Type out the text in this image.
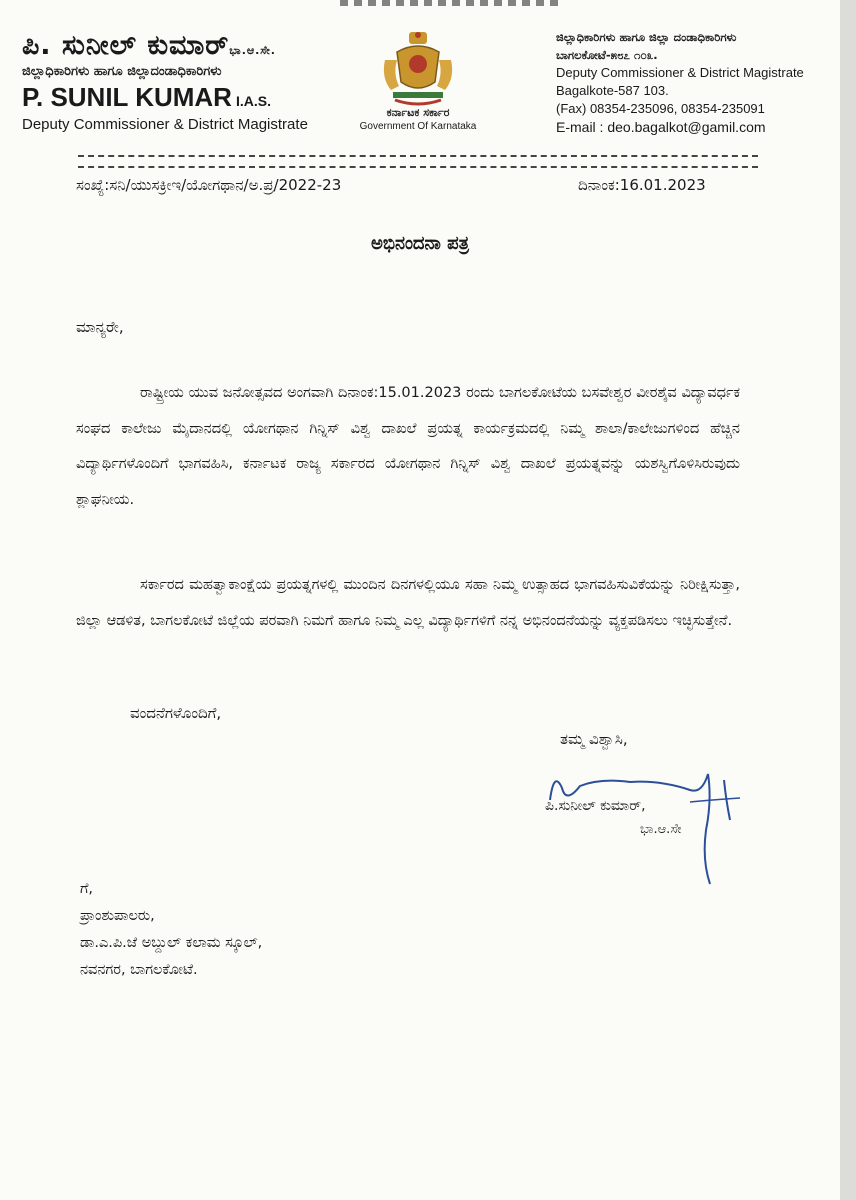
ಪಿ. ಸುನೀಲ್ ಕುಮಾರ್ಭಾ.ಆ.ಸೇ.
ಜಿಲ್ಲಾಧಿಕಾರಿಗಳು ಹಾಗೂ ಜಿಲ್ಲಾದಂಡಾಧಿಕಾರಿಗಳು
P. SUNIL KUMAR I.A.S.
Deputy Commissioner & District Magistrate
ಕರ್ನಾಟಕ ಸರ್ಕಾರ
Government Of Karnataka
ಜಿಲ್ಲಾಧಿಕಾರಿಗಳು ಹಾಗೂ ಜಿಲ್ಲಾ ದಂಡಾಧಿಕಾರಿಗಳು
ಬಾಗಲಕೋಟೆ-೫೮೭ ೧೦೩.
Deputy Commissioner & District Magistrate
Bagalkote-587 103.
(Fax) 08354-235096, 08354-235091
E-mail : deo.bagalkot@gamil.com
ಸಂಖ್ಯೆ:ಸನಿ/ಯುಸಕ್ರೀಇ/ಯೋಗಥಾನ/ಅ.ಪ್ರ/2022-23	ದಿನಾಂಕ:16.01.2023
ಅಭಿನಂದನಾ ಪತ್ರ
ಮಾನ್ಯರೇ,
ರಾಷ್ಟ್ರೀಯ ಯುವ ಜನೋತ್ಸವದ ಅಂಗವಾಗಿ ದಿನಾಂಕ:15.01.2023 ರಂದು ಬಾಗಲಕೋಟೆಯ ಬಸವೇಶ್ವರ ವೀರಶೈವ ವಿದ್ಯಾವರ್ಧಕ ಸಂಘದ ಕಾಲೇಜು ಮೈದಾನದಲ್ಲಿ ಯೋಗಥಾನ ಗಿನ್ನಿಸ್ ವಿಶ್ವ ದಾಖಲೆ ಪ್ರಯತ್ನ ಕಾರ್ಯಕ್ರಮದಲ್ಲಿ ನಿಮ್ಮ ಶಾಲಾ/ಕಾಲೇಜುಗಳಿಂದ ಹೆಚ್ಚಿನ ವಿದ್ಯಾರ್ಥಿಗಳೊಂದಿಗೆ ಭಾಗವಹಿಸಿ, ಕರ್ನಾಟಕ ರಾಜ್ಯ ಸರ್ಕಾರದ ಯೋಗಥಾನ ಗಿನ್ನಿಸ್ ವಿಶ್ವ ದಾಖಲೆ ಪ್ರಯತ್ನವನ್ನು ಯಶಸ್ವಿಗೊಳಿಸಿರುವುದು ಶ್ಲಾಘನೀಯ.
ಸರ್ಕಾರದ ಮಹತ್ವಾಕಾಂಕ್ಷೆಯ ಪ್ರಯತ್ನಗಳಲ್ಲಿ ಮುಂದಿನ ದಿನಗಳಲ್ಲಿಯೂ ಸಹಾ ನಿಮ್ಮ ಉತ್ಸಾಹದ ಭಾಗವಹಿಸುವಿಕೆಯನ್ನು ನಿರೀಕ್ಷಿಸುತ್ತಾ, ಜಿಲ್ಲಾ ಆಡಳಿತ, ಬಾಗಲಕೋಟೆ ಜಿಲ್ಲೆಯ ಪರವಾಗಿ ನಿಮಗೆ ಹಾಗೂ ನಿಮ್ಮ ಎಲ್ಲ ವಿದ್ಯಾರ್ಥಿಗಳಿಗೆ ನನ್ನ ಅಭಿನಂದನೆಯನ್ನು ವ್ಯಕ್ತಪಡಿಸಲು ಇಚ್ಛಿಸುತ್ತೇನೆ.
ವಂದನೆಗಳೊಂದಿಗೆ,
ತಮ್ಮ ವಿಶ್ವಾಸಿ,
ಪಿ.ಸುನೀಲ್ ಕುಮಾರ್,
ಭಾ.ಆ.ಸೇ
ಗೆ,
ಪ್ರಾಂಶುಪಾಲರು,
ಡಾ.ಎ.ಪಿ.ಜೆ ಅಬ್ದುಲ್ ಕಲಾಮ ಸ್ಕೂಲ್,
ನವನಗರ, ಬಾಗಲಕೋಟೆ.
